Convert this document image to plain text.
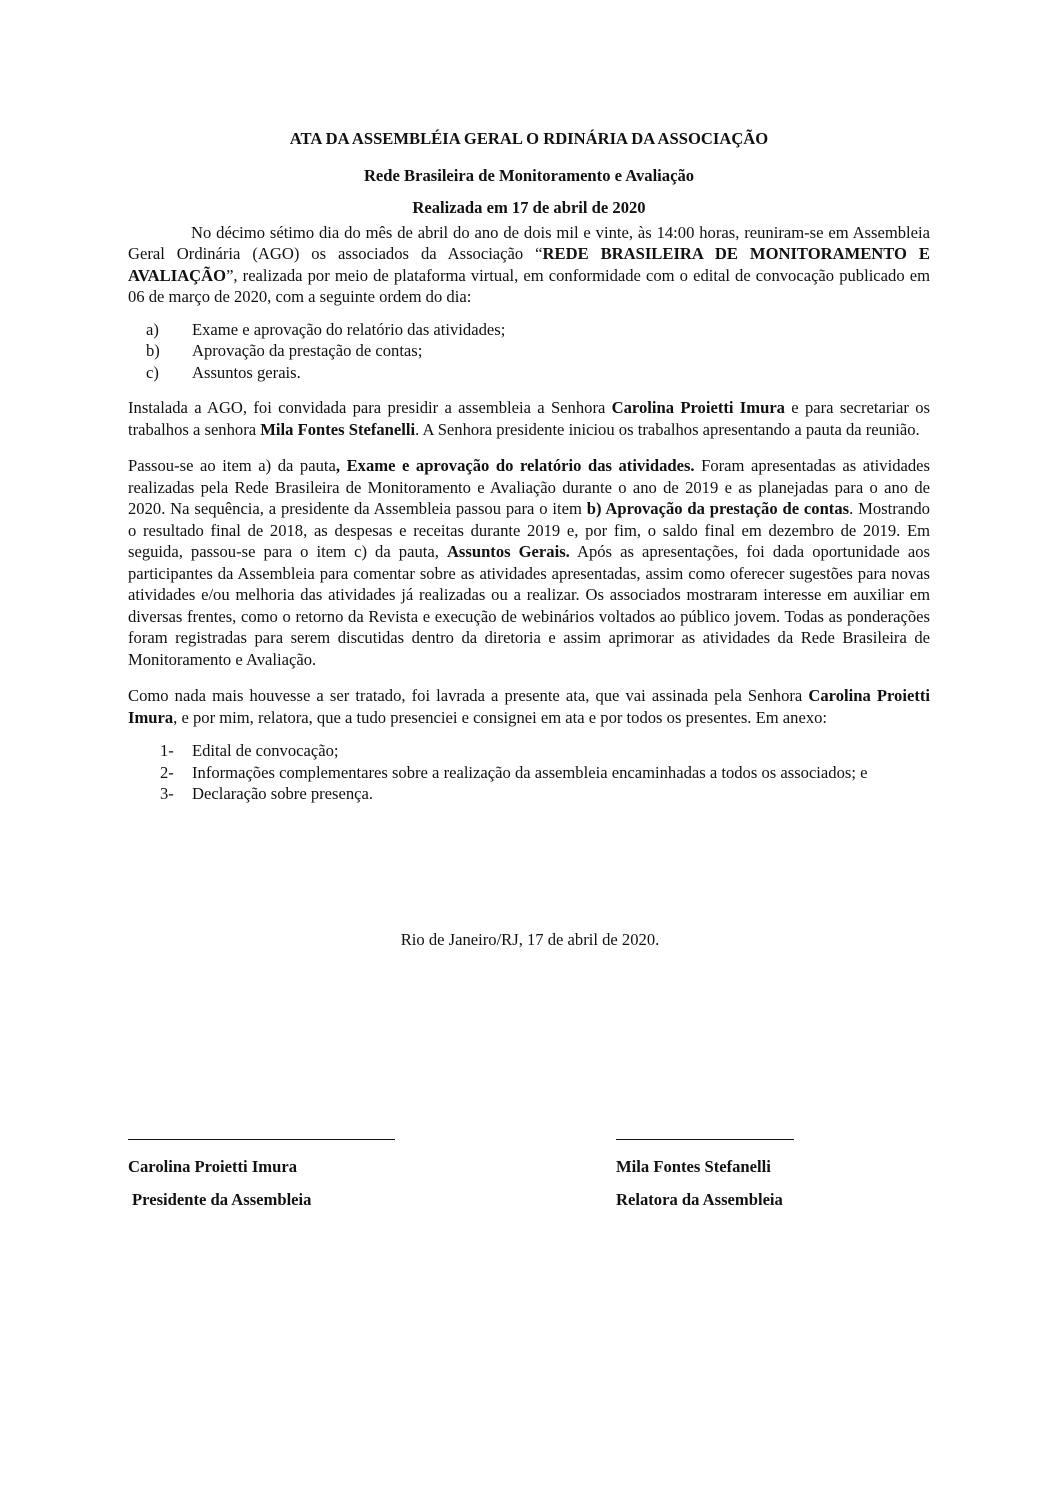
ATA DA ASSEMBLÉIA GERAL O RDINÁRIA DA ASSOCIAÇÃO
Rede Brasileira de Monitoramento e Avaliação
Realizada em 17 de abril de 2020

No décimo sétimo dia do mês de abril do ano de dois mil e vinte, às 14:00 horas, reuniram-se em Assembleia Geral Ordinária (AGO) os associados da Associação “REDE BRASILEIRA DE MONITORAMENTO E AVALIAÇÃO”, realizada por meio de plataforma virtual, em conformidade com o edital de convocação publicado em 06 de março de 2020, com a seguinte ordem do dia:

a) Exame e aprovação do relatório das atividades;
b) Aprovação da prestação de contas;
c) Assuntos gerais.

Instalada a AGO, foi convidada para presidir a assembleia a Senhora Carolina Proietti Imura e para secretariar os trabalhos a senhora Mila Fontes Stefanelli. A Senhora presidente iniciou os trabalhos apresentando a pauta da reunião.

Passou-se ao item a) da pauta, Exame e aprovação do relatório das atividades. Foram apresentadas as atividades realizadas pela Rede Brasileira de Monitoramento e Avaliação durante o ano de 2019 e as planejadas para o ano de 2020. Na sequência, a presidente da Assembleia passou para o item b) Aprovação da prestação de contas. Mostrando o resultado final de 2018, as despesas e receitas durante 2019 e, por fim, o saldo final em dezembro de 2019. Em seguida, passou-se para o item c) da pauta, Assuntos Gerais. Após as apresentações, foi dada oportunidade aos participantes da Assembleia para comentar sobre as atividades apresentadas, assim como oferecer sugestões para novas atividades e/ou melhoria das atividades já realizadas ou a realizar. Os associados mostraram interesse em auxiliar em diversas frentes, como o retorno da Revista e execução de webinários voltados ao público jovem. Todas as ponderações foram registradas para serem discutidas dentro da diretoria e assim aprimorar as atividades da Rede Brasileira de Monitoramento e Avaliação.

Como nada mais houvesse a ser tratado, foi lavrada a presente ata, que vai assinada pela Senhora Carolina Proietti Imura, e por mim, relatora, que a tudo presenciei e consignei em ata e por todos os presentes. Em anexo:

1- Edital de convocação;
2- Informações complementares sobre a realização da assembleia encaminhadas a todos os associados; e
3- Declaração sobre presença.
Rio de Janeiro/RJ, 17 de abril de 2020.
Carolina Proietti Imura
Presidente da Assembleia
Mila Fontes Stefanelli
Relatora da Assembleia
